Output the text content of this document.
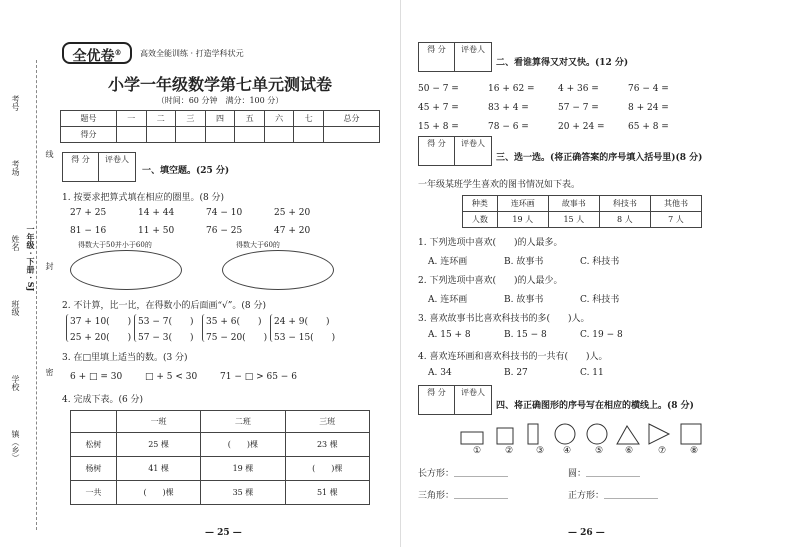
考号
考场
姓名 一年级 · 下册 · SJ
班级
学校
镇（乡）
线
封
密
全优卷®	高效全能训练 · 打造学科状元
小学一年级数学第七单元测试卷
（时间：60 分钟　满分：100 分）
题号	一	二	三	四	五	六	七	总分
得分								
得 分	评卷人
一、填空题。(25 分)
1. 按要求把算式填在相应的圈里。(8 分)
27 + 25	14 + 44	74 − 10	25 + 20
81 − 16	11 + 50	76 − 25	47 + 20
得数大于50并小于60的	得数大于60的
2. 不计算，比一比，在得数小的后面画“√”。(8 分)
37 + 10(　　)
25 + 20(　　)
53 − 7(　　)
57 − 3(　　)
35 + 6(　　)
75 − 20(　　)
24 + 9(　　)
53 − 15(　　)
3. 在□里填上适当的数。(3 分)
6 + □ = 30	□ + 5 < 30	71 − □ > 65 − 6
4. 完成下表。(6 分)
	一班	二班	三班
松树	25 棵	(　　)棵	23 棵
杨树	41 棵	19 棵	(　　)棵
一共	(　　)棵	35 棵	51 棵
— 25 —
得 分	评卷人
二、看谁算得又对又快。(12 分)
50 − 7 =	16 + 62 =	4 + 36 =	76 − 4 =
45 + 7 =	83 + 4 =	57 − 7 =	8 + 24 =
15 + 8 =	78 − 6 =	20 + 24 =	65 + 8 =
得 分	评卷人
三、选一选。(将正确答案的序号填入括号里)(8 分)
一年级某班学生喜欢的图书情况如下表。
种类	连环画	故事书	科技书	其他书
人数	19 人	15 人	8 人	7 人
1. 下列选项中喜欢(　　)的人最多。
A. 连环画	B. 故事书	C. 科技书
2. 下列选项中喜欢(　　)的人最少。
A. 连环画	B. 故事书	C. 科技书
3. 喜欢故事书比喜欢科技书的多(　　)人。
A. 15 + 8	B. 15 − 8	C. 19 − 8
4. 喜欢连环画和喜欢科技书的一共有(　　)人。
A. 34	B. 27	C. 11
得 分	评卷人
四、将正确图形的序号写在相应的横线上。(8 分)
①	②	③ ④	⑤ ⑥	⑦	⑧
长方形：＿＿＿＿＿＿	圆：＿＿＿＿＿＿
三角形：＿＿＿＿＿＿	正方形：＿＿＿＿＿＿
— 26 —
